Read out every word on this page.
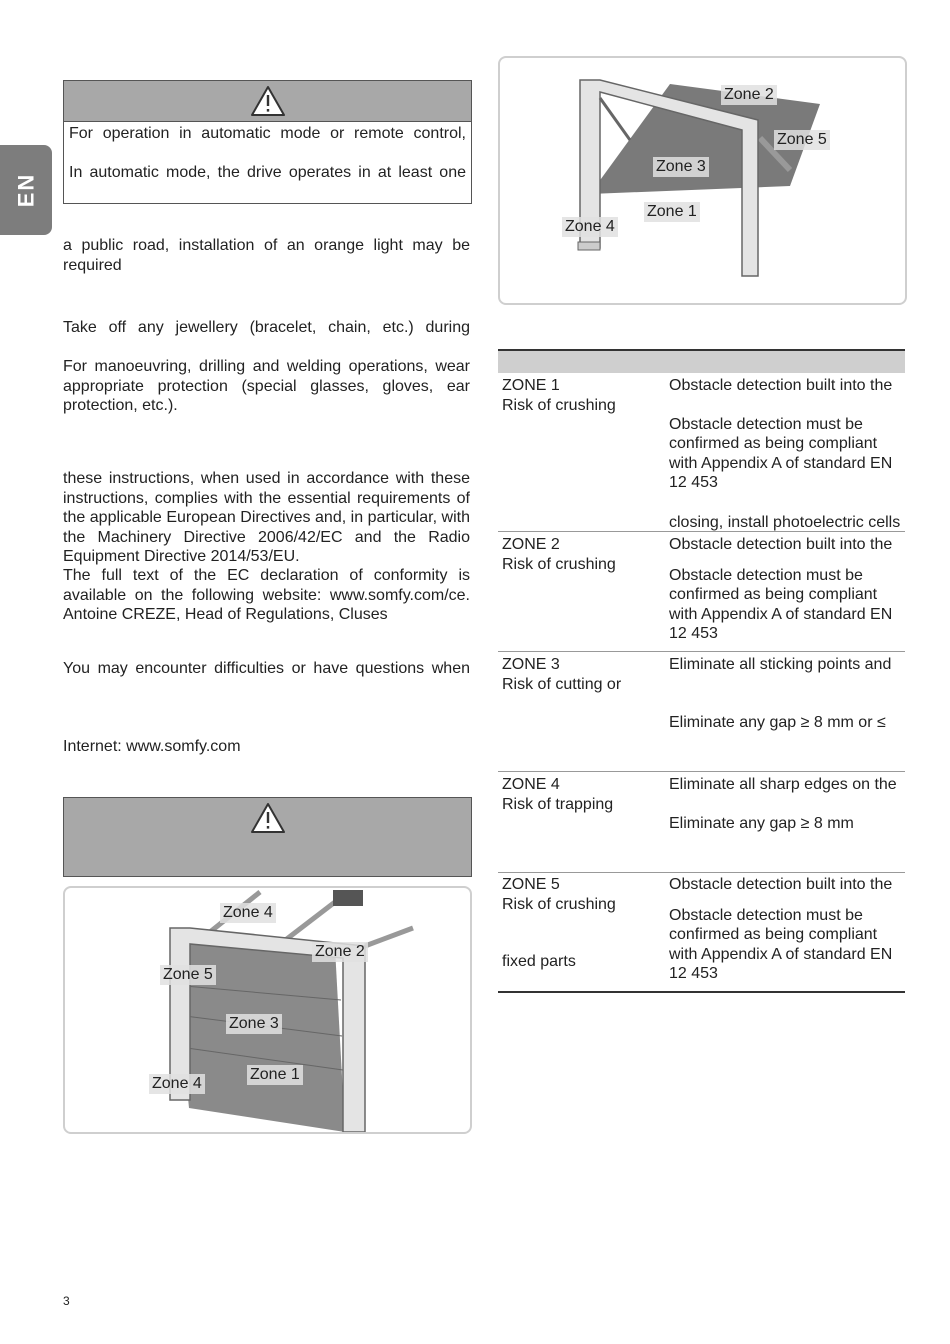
EN
For operation in automatic mode or remote control,
In automatic mode, the drive operates in at least one
a public road, installation of an orange light may be required
Take off any jewellery (bracelet, chain, etc.) during
For manoeuvring, drilling and welding operations, wear appropriate protection (special glasses, gloves, ear protection, etc.).
these instructions, when used in accordance with these instructions, complies with the essential requirements of the applicable European Directives and, in particular, with the Machinery Directive 2006/42/EC and the Radio Equipment Directive 2014/53/EU.
The full text of the EC declaration of conformity is available on the following website: www.somfy.com/ce. Antoine CREZE, Head of Regulations, Cluses
You may encounter difficulties or have questions when
Internet: www.somfy.com
Zone 2
Zone 5
Zone 3
Zone 1
Zone 4
Zone 4
Zone 2
Zone 5
Zone 3
Zone 1
Zone 4
ZONE 1
Risk of crushing
Obstacle detection built into the
Obstacle detection must be confirmed as being compliant with Appendix A of standard EN 12 453
closing, install photoelectric cells
ZONE 2
Risk of crushing
Obstacle detection built into the
Obstacle detection must be confirmed as being compliant with Appendix A of standard EN 12 453
ZONE 3
Risk of cutting or
Eliminate all sticking points and
Eliminate any gap ≥ 8 mm or ≤
ZONE 4
Risk of trapping
Eliminate all sharp edges on the
Eliminate any gap ≥ 8 mm
ZONE 5
Risk of crushing
fixed parts
Obstacle detection built into the
Obstacle detection must be confirmed as being compliant with Appendix A of standard EN 12 453
3
